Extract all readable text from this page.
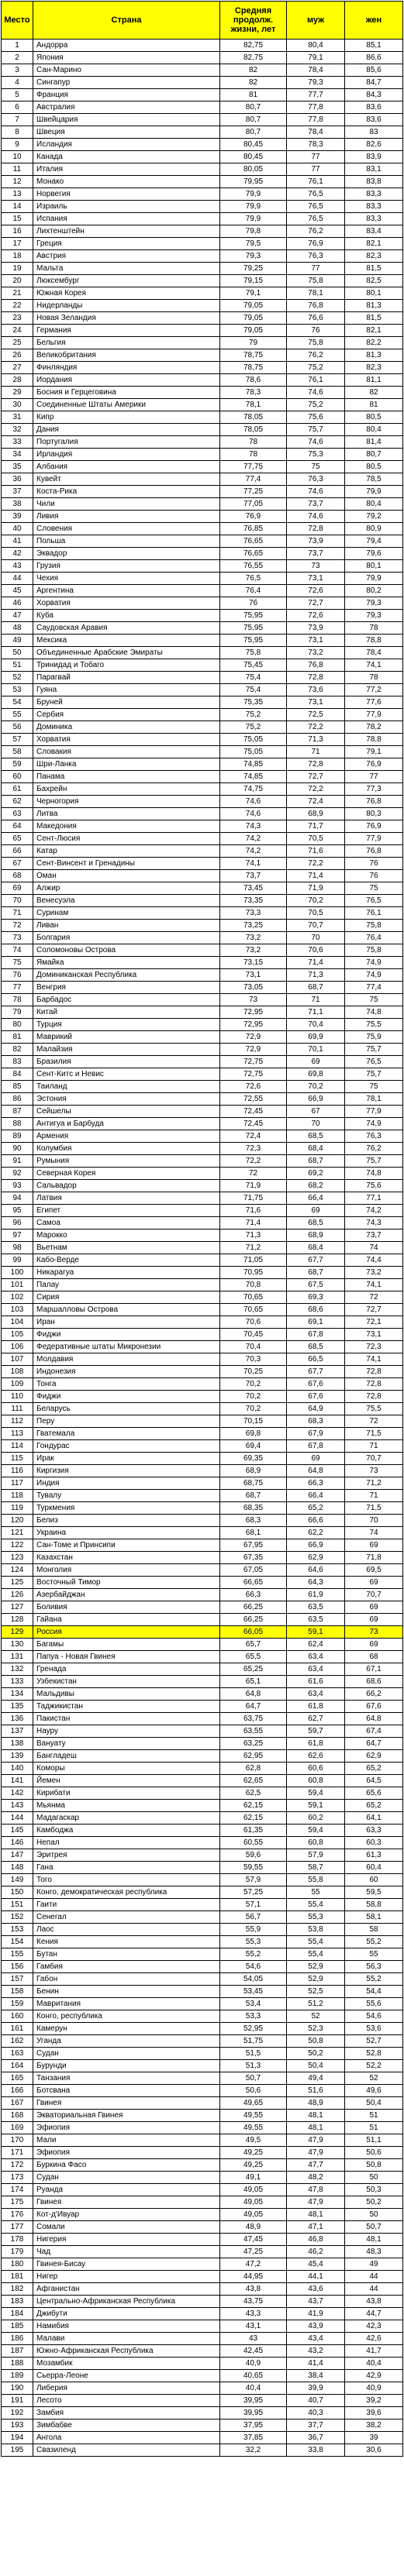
Место	Страна	Средняя продолж. жизни, лет	муж	жен
1	Андорра	82,75	80,4	85,1
2	Япония	82,75	79,1	86,6
3	Сан-Марино	82	78,4	85,6
4	Сингапур	82	79,3	84,7
5	Франция	81	77,7	84,3
6	Австралия	80,7	77,8	83,6
7	Швейцария	80,7	77,8	83,6
8	Швеция	80,7	78,4	83
9	Исландия	80,45	78,3	82,6
10	Канада	80,45	77	83,9
11	Италия	80,05	77	83,1
12	Монако	79,95	76,1	83,8
13	Норвегия	79,9	76,5	83,3
14	Израиль	79,9	76,5	83,3
15	Испания	79,9	76,5	83,3
16	Лихтенштейн	79,8	76,2	83,4
17	Греция	79,5	76,9	82,1
18	Австрия	79,3	76,3	82,3
19	Мальта	79,25	77	81,5
20	Люксембург	79,15	75,8	82,5
21	Южная Корея	79,1	78,1	80,1
22	Нидерланды	79,05	76,8	81,3
23	Новая Зеландия	79,05	76,6	81,5
24	Германия	79,05	76	82,1
25	Бельгия	79	75,8	82,2
26	Великобритания	78,75	76,2	81,3
27	Финляндия	78,75	75,2	82,3
28	Иордания	78,6	76,1	81,1
29	Босния и Герцеговина	78,3	74,6	82
30	Соединенные Штаты Америки	78,1	75,2	81
31	Кипр	78,05	75,6	80,5
32	Дания	78,05	75,7	80,4
33	Португалия	78	74,6	81,4
34	Ирландия	78	75,3	80,7
35	Албания	77,75	75	80,5
36	Кувейт	77,4	76,3	78,5
37	Коста-Рика	77,25	74,6	79,9
38	Чили	77,05	73,7	80,4
39	Ливия	76,9	74,6	79,2
40	Словения	76,85	72,8	80,9
41	Польша	76,65	73,9	79,4
42	Эквадор	76,65	73,7	79,6
43	Грузия	76,55	73	80,1
44	Чехия	76,5	73,1	79,9
45	Аргентина	76,4	72,6	80,2
46	Хорватия	76	72,7	79,3
47	Куба	75,95	72,6	79,3
48	Саудовская Аравия	75,95	73,9	78
49	Мексика	75,95	73,1	78,8
50	Объединенные Арабские Эмираты	75,8	73,2	78,4
51	Тринидад и Тобаго	75,45	76,8	74,1
52	Парагвай	75,4	72,8	78
53	Гуяна	75,4	73,6	77,2
54	Бруней	75,35	73,1	77,6
55	Сербия	75,2	72,5	77,9
56	Доминика	75,2	72,2	78,2
57	Хорватия	75,05	71,3	78,8
58	Словакия	75,05	71	79,1
59	Шри-Ланка	74,85	72,8	76,9
60	Панама	74,85	72,7	77
61	Бахрейн	74,75	72,2	77,3
62	Черногория	74,6	72,4	76,8
63	Литва	74,6	68,9	80,3
64	Македония	74,3	71,7	76,9
65	Сент-Люсия	74,2	70,5	77,9
66	Катар	74,2	71,6	76,8
67	Сент-Винсент и Гренадины	74,1	72,2	76
68	Оман	73,7	71,4	76
69	Алжир	73,45	71,9	75
70	Венесуэла	73,35	70,2	76,5
71	Суринам	73,3	70,5	76,1
72	Ливан	73,25	70,7	75,8
73	Болгария	73,2	70	76,4
74	Соломоновы Острова	73,2	70,6	75,8
75	Ямайка	73,15	71,4	74,9
76	Доминиканская Республика	73,1	71,3	74,9
77	Венгрия	73,05	68,7	77,4
78	Барбадос	73	71	75
79	Китай	72,95	71,1	74,8
80	Турция	72,95	70,4	75,5
81	Маврикий	72,9	69,9	75,9
82	Малайзия	72,9	70,1	75,7
83	Бразилия	72,75	69	76,5
84	Сент-Китс и Невис	72,75	69,8	75,7
85	Таиланд	72,6	70,2	75
86	Эстония	72,55	66,9	78,1
87	Сейшелы	72,45	67	77,9
88	Антигуа и Барбуда	72,45	70	74,9
89	Армения	72,4	68,5	76,3
90	Колумбия	72,3	68,4	76,2
91	Румыния	72,2	68,7	75,7
92	Северная Корея	72	69,2	74,8
93	Сальвадор	71,9	68,2	75,6
94	Латвия	71,75	66,4	77,1
95	Египет	71,6	69	74,2
96	Самоа	71,4	68,5	74,3
97	Марокко	71,3	68,9	73,7
98	Вьетнам	71,2	68,4	74
99	Кабо-Верде	71,05	67,7	74,4
100	Никарагуа	70,95	68,7	73,2
101	Палау	70,8	67,5	74,1
102	Сирия	70,65	69,3	72
103	Маршалловы Острова	70,65	68,6	72,7
104	Иран	70,6	69,1	72,1
105	Фиджи	70,45	67,8	73,1
106	Федеративные штаты Микронезии	70,4	68,5	72,3
107	Молдавия	70,3	66,5	74,1
108	Индонезия	70,25	67,7	72,8
109	Тонга	70,2	67,6	72,8
110	Фиджи	70,2	67,6	72,8
111	Беларусь	70,2	64,9	75,5
112	Перу	70,15	68,3	72
113	Гватемала	69,8	67,9	71,5
114	Гондурас	69,4	67,8	71
115	Ирак	69,35	69	70,7
116	Киргизия	68,9	64,8	73
117	Индия	68,75	66,3	71,2
118	Тувалу	68,7	66,4	71
119	Туркмения	68,35	65,2	71,5
120	Белиз	68,3	66,6	70
121	Украина	68,1	62,2	74
122	Сан-Томе и Принсипи	67,95	66,9	69
123	Казахстан	67,35	62,9	71,8
124	Монголия	67,05	64,6	69,5
125	Восточный Тимор	66,65	64,3	69
126	Азербайджан	66,3	61,9	70,7
127	Боливия	66,25	63,5	69
128	Гайана	66,25	63,5	69
129	Россия	66,05	59,1	73
130	Багамы	65,7	62,4	69
131	Папуа - Новая Гвинея	65,5	63,4	68
132	Гренада	65,25	63,4	67,1
133	Узбекистан	65,1	61,6	68,6
134	Мальдивы	64,8	63,4	66,2
135	Таджикистан	64,7	61,8	67,6
136	Пакистан	63,75	62,7	64,8
137	Науру	63,55	59,7	67,4
138	Вануату	63,25	61,8	64,7
139	Бангладеш	62,95	62,6	62,9
140	Коморы	62,8	60,6	65,2
141	Йемен	62,65	60,8	64,5
142	Кирибати	62,5	59,4	65,6
143	Мьянма	62,15	59,1	65,2
144	Мадагаскар	62,15	60,2	64,1
145	Камбоджа	61,35	59,4	63,3
146	Непал	60,55	60,8	60,3
147	Эритрея	59,6	57,9	61,3
148	Гана	59,55	58,7	60,4
149	Того	57,9	55,8	60
150	Конго, демократическая республика	57,25	55	59,5
151	Гаити	57,1	55,4	58,8
152	Сенегал	56,7	55,3	58,1
153	Лаос	55,9	53,8	58
154	Кения	55,3	55,4	55,2
155	Бутан	55,2	55,4	55
156	Гамбия	54,6	52,9	56,3
157	Габон	54,05	52,9	55,2
158	Бенин	53,45	52,5	54,4
159	Мавритания	53,4	51,2	55,6
160	Конго, республика	53,3	52	54,6
161	Камерун	52,95	52,3	53,6
162	Уганда	51,75	50,8	52,7
163	Судан	51,5	50,2	52,8
164	Бурунди	51,3	50,4	52,2
165	Танзания	50,7	49,4	52
166	Ботсвана	50,6	51,6	49,6
167	Гвинея	49,65	48,9	50,4
168	Экваториальная Гвинея	49,55	48,1	51
169	Эфиопия	49,55	48,1	51
170	Мали	49,5	47,9	51,1
171	Эфиопия	49,25	47,9	50,6
172	Буркина Фасо	49,25	47,7	50,8
173	Судан	49,1	48,2	50
174	Руанда	49,05	47,8	50,3
175	Гвинея	49,05	47,9	50,2
176	Кот-д'Ивуар	49,05	48,1	50
177	Сомали	48,9	47,1	50,7
178	Нигерия	47,45	46,8	48,1
179	Чад	47,25	46,2	48,3
180	Гвинея-Бисау	47,2	45,4	49
181	Нигер	44,95	44,1	44
182	Афганистан	43,8	43,6	44
183	Центрально-Африканская Республика	43,75	43,7	43,8
184	Джибути	43,3	41,9	44,7
185	Намибия	43,1	43,9	42,3
186	Малави	43	43,4	42,6
187	Южно-Африканская Республика	42,45	43,2	41,7
188	Мозамбик	40,9	41,4	40,4
189	Сьерра-Леоне	40,65	38,4	42,9
190	Либерия	40,4	39,9	40,9
191	Лесото	39,95	40,7	39,2
192	Замбия	39,95	40,3	39,6
193	Зимбабве	37,95	37,7	38,2
194	Ангола	37,85	36,7	39
195	Свазиленд	32,2	33,8	30,6
